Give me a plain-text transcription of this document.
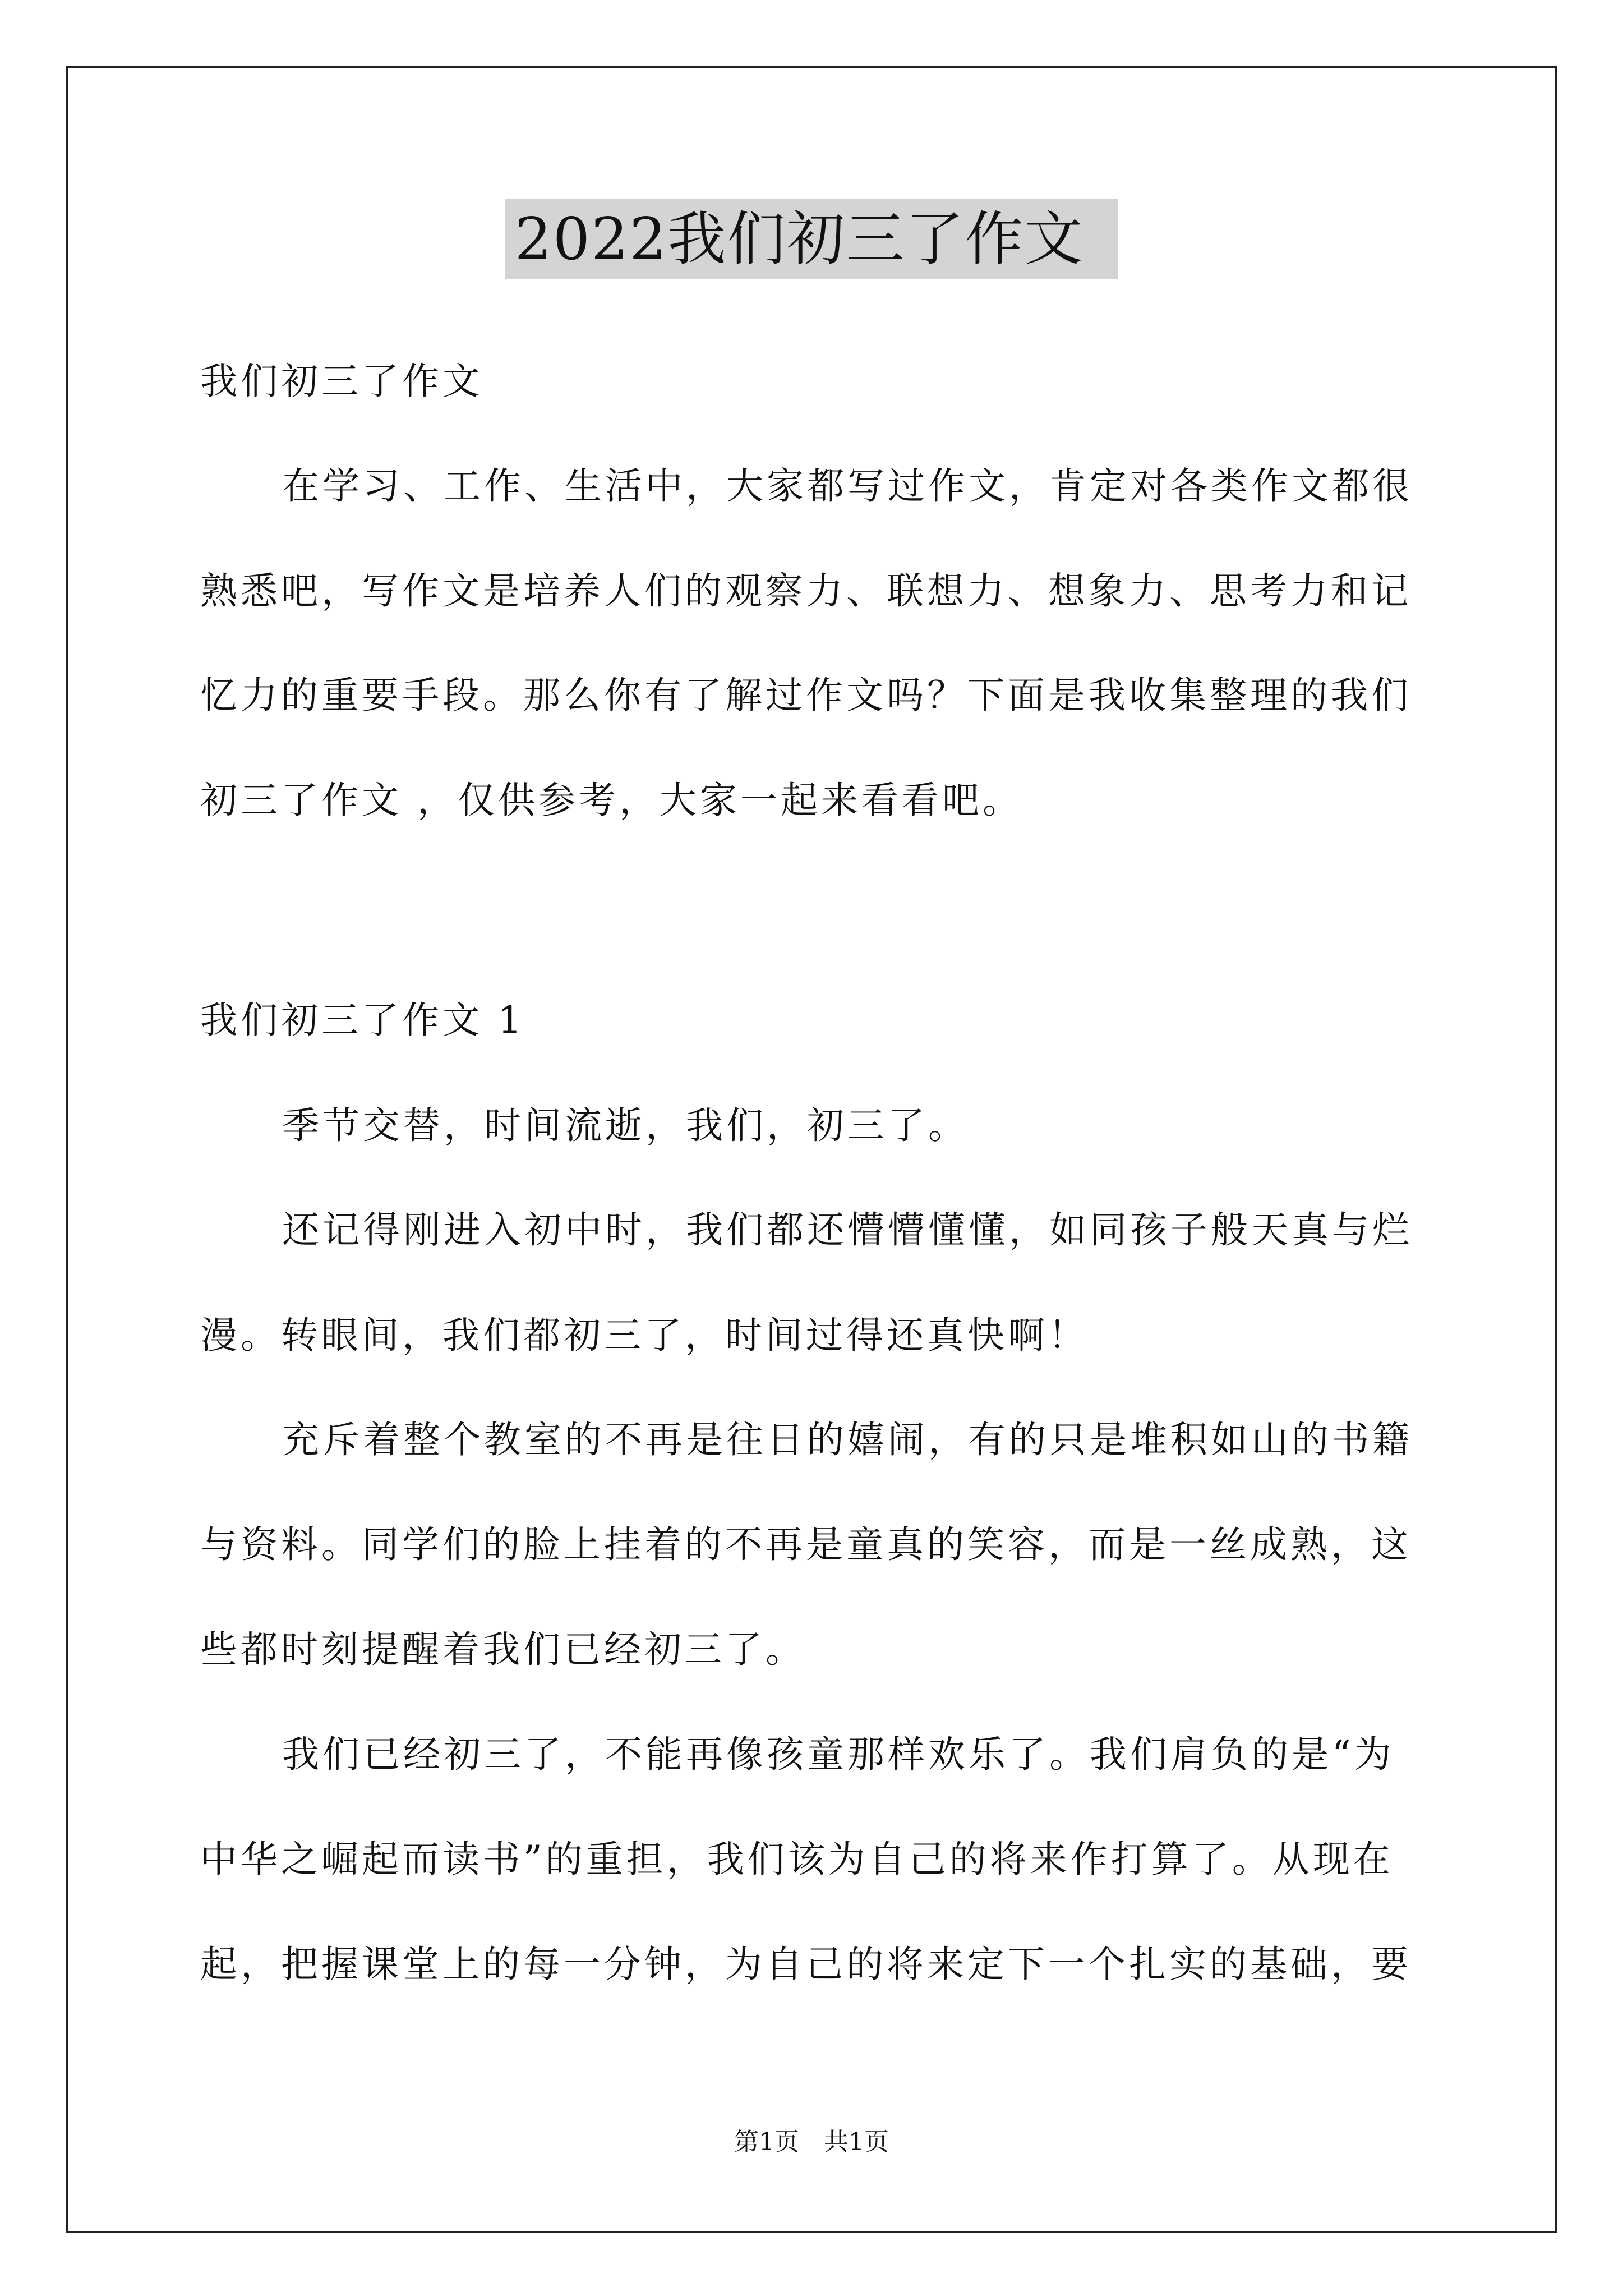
2022我们初三了作文
我们初三了作文
在学习、工作、生活中，大家都写过作文，肯定对各类作文都很
熟悉吧，写作文是培养人们的观察力、联想力、想象力、思考力和记
忆力的重要手段。那么你有了解过作文吗？下面是我收集整理的我们
初三了作文 ，仅供参考，大家一起来看看吧。
我们初三了作文 1
季节交替，时间流逝，我们，初三了。
还记得刚进入初中时，我们都还懵懵懂懂，如同孩子般天真与烂
漫。转眼间，我们都初三了，时间过得还真快啊！
充斥着整个教室的不再是往日的嬉闹，有的只是堆积如山的书籍
与资料。同学们的脸上挂着的不再是童真的笑容，而是一丝成熟，这
些都时刻提醒着我们已经初三了。
我们已经初三了，不能再像孩童那样欢乐了。我们肩负的是“为
中华之崛起而读书”的重担，我们该为自己的将来作打算了。从现在
起，把握课堂上的每一分钟，为自己的将来定下一个扎实的基础，要
第1页　共1页
